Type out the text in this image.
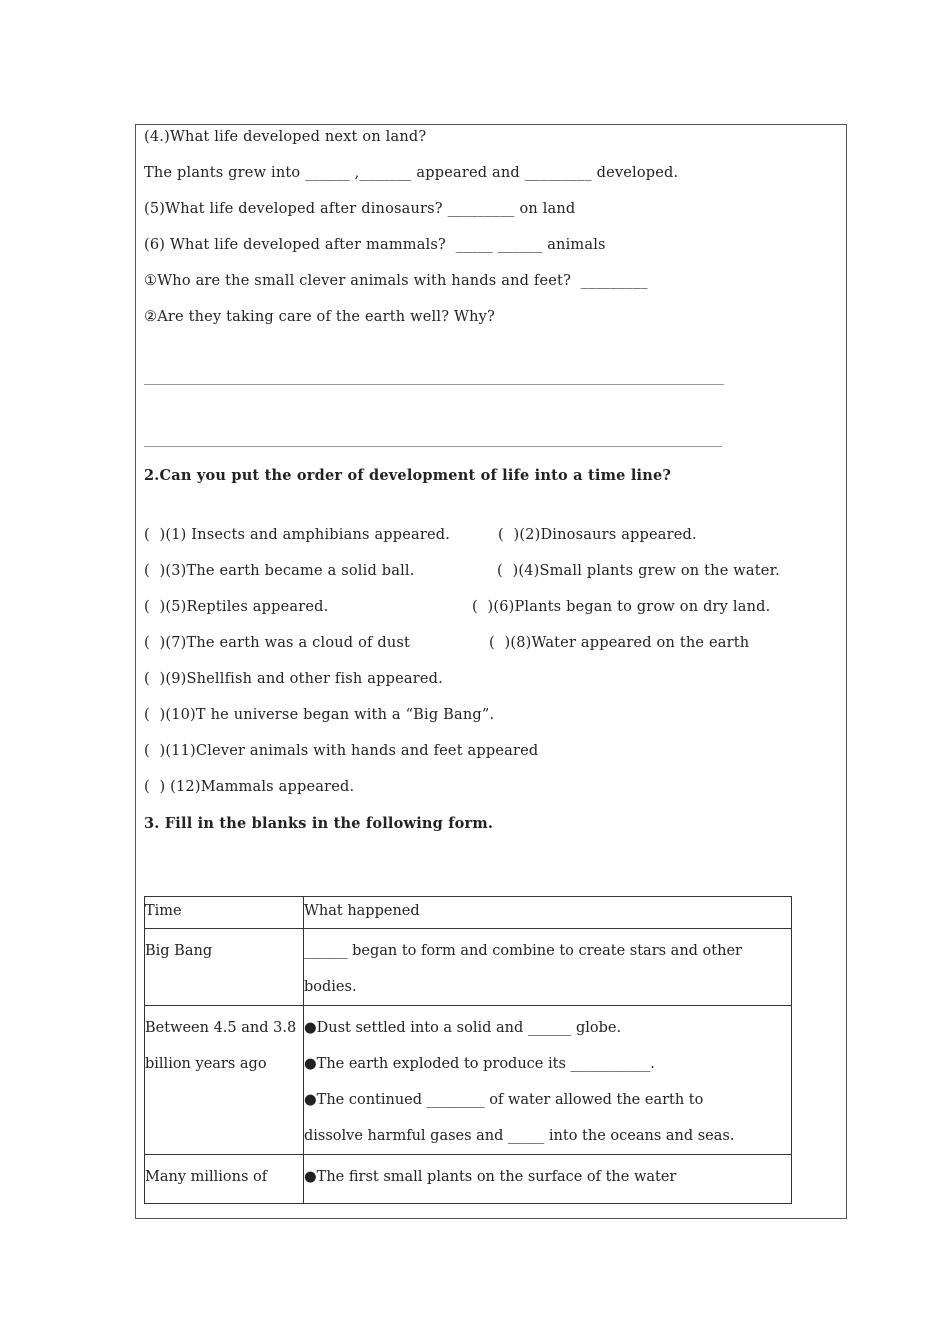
(4.)What life developed next on land?
The plants grew into ______ ,_______ appeared and _________ developed.
(5)What life developed after dinosaurs? _________ on land
(6) What life developed after mammals?  _____ ______ animals
①Who are the small clever animals with hands and feet?  _________
②Are they taking care of the earth well? Why?
2.Can you put the order of development of life into a time line?
(  )(1) Insects and amphibians appeared.	(  )(2)Dinosaurs appeared.
(  )(3)The earth became a solid ball.	(  )(4)Small plants grew on the water.
(  )(5)Reptiles appeared.	(  )(6)Plants began to grow on dry land.
(  )(7)The earth was a cloud of dust	(  )(8)Water appeared on the earth
(  )(9)Shellfish and other fish appeared.
(  )(10)T he universe began with a “Big Bang”.
(  )(11)Clever animals with hands and feet appeared
(  ) (12)Mammals appeared.
3. Fill in the blanks in the following form.
Time	What happened

Big Bang	______ began to form and combine to create stars and other
bodies.

Between 4.5 and 3.8
billion years ago	●Dust settled into a solid and ______ globe.
●The earth exploded to produce its ___________.
●The continued ________ of water allowed the earth to
dissolve harmful gases and _____ into the oceans and seas.

Many millions of	●The first small plants on the surface of the water
